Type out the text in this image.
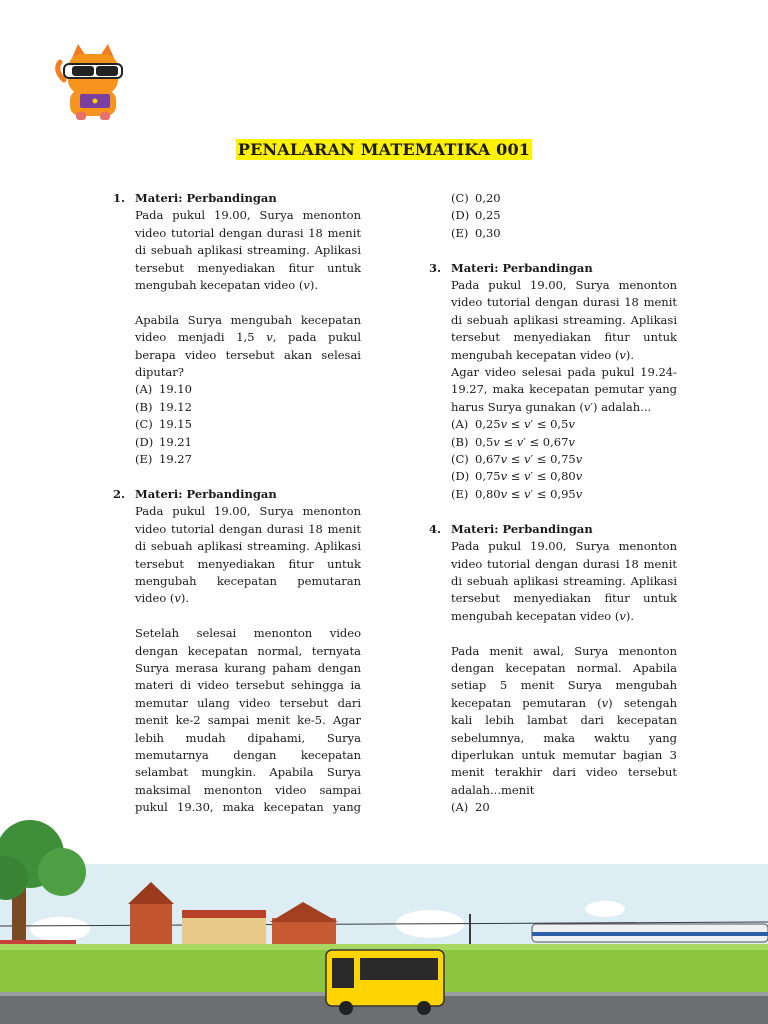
PENALARAN MATEMATIKA 001
1. Materi: Perbandingan

Pada pukul 19.00, Surya menonton video tutorial dengan durasi 18 menit di sebuah aplikasi streaming. Aplikasi tersebut menyediakan fitur untuk mengubah kecepatan video (𝑣).

Apabila Surya mengubah kecepatan video menjadi 1,5 𝑣, pada pukul berapa video tersebut akan selesai diputar?

(A) 19.10
(B) 19.12
(C) 19.15
(D) 19.21
(E) 19.27
2. Materi: Perbandingan

Pada pukul 19.00, Surya menonton video tutorial dengan durasi 18 menit di sebuah aplikasi streaming. Aplikasi tersebut menyediakan fitur untuk mengubah kecepatan pemutaran video (𝑣).

Setelah selesai menonton video dengan kecepatan normal, ternyata Surya merasa kurang paham dengan materi di video tersebut sehingga ia memutar ulang video tersebut dari menit ke-2 sampai menit ke-5. Agar lebih mudah dipahami, Surya memutarnya dengan kecepatan selambat mungkin. Apabila Surya maksimal menonton video sampai pukul 19.30, maka kecepatan yang

(C) 0,20
(D) 0,25
(E) 0,30
3. Materi: Perbandingan

Pada pukul 19.00, Surya menonton video tutorial dengan durasi 18 menit di sebuah aplikasi streaming. Aplikasi tersebut menyediakan fitur untuk mengubah kecepatan video (𝑣).

Agar video selesai pada pukul 19.24-19.27, maka kecepatan pemutar yang harus Surya gunakan (𝑣′) adalah...

(A) 0,25𝑣 ≤ 𝑣′ ≤ 0,5𝑣
(B) 0,5𝑣 ≤ 𝑣′ ≤ 0,67𝑣
(C) 0,67𝑣 ≤ 𝑣′ ≤ 0,75𝑣
(D) 0,75𝑣 ≤ 𝑣′ ≤ 0,80𝑣
(E) 0,80𝑣 ≤ 𝑣′ ≤ 0,95𝑣
4. Materi: Perbandingan

Pada pukul 19.00, Surya menonton video tutorial dengan durasi 18 menit di sebuah aplikasi streaming. Aplikasi tersebut menyediakan fitur untuk mengubah kecepatan video (𝑣).

Pada menit awal, Surya menonton dengan kecepatan normal. Apabila setiap 5 menit Surya mengubah kecepatan pemutaran (𝑣) setengah kali lebih lambat dari kecepatan sebelumnya, maka waktu yang diperlukan untuk memutar bagian 3 menit terakhir dari video tersebut adalah...menit

(A) 20
